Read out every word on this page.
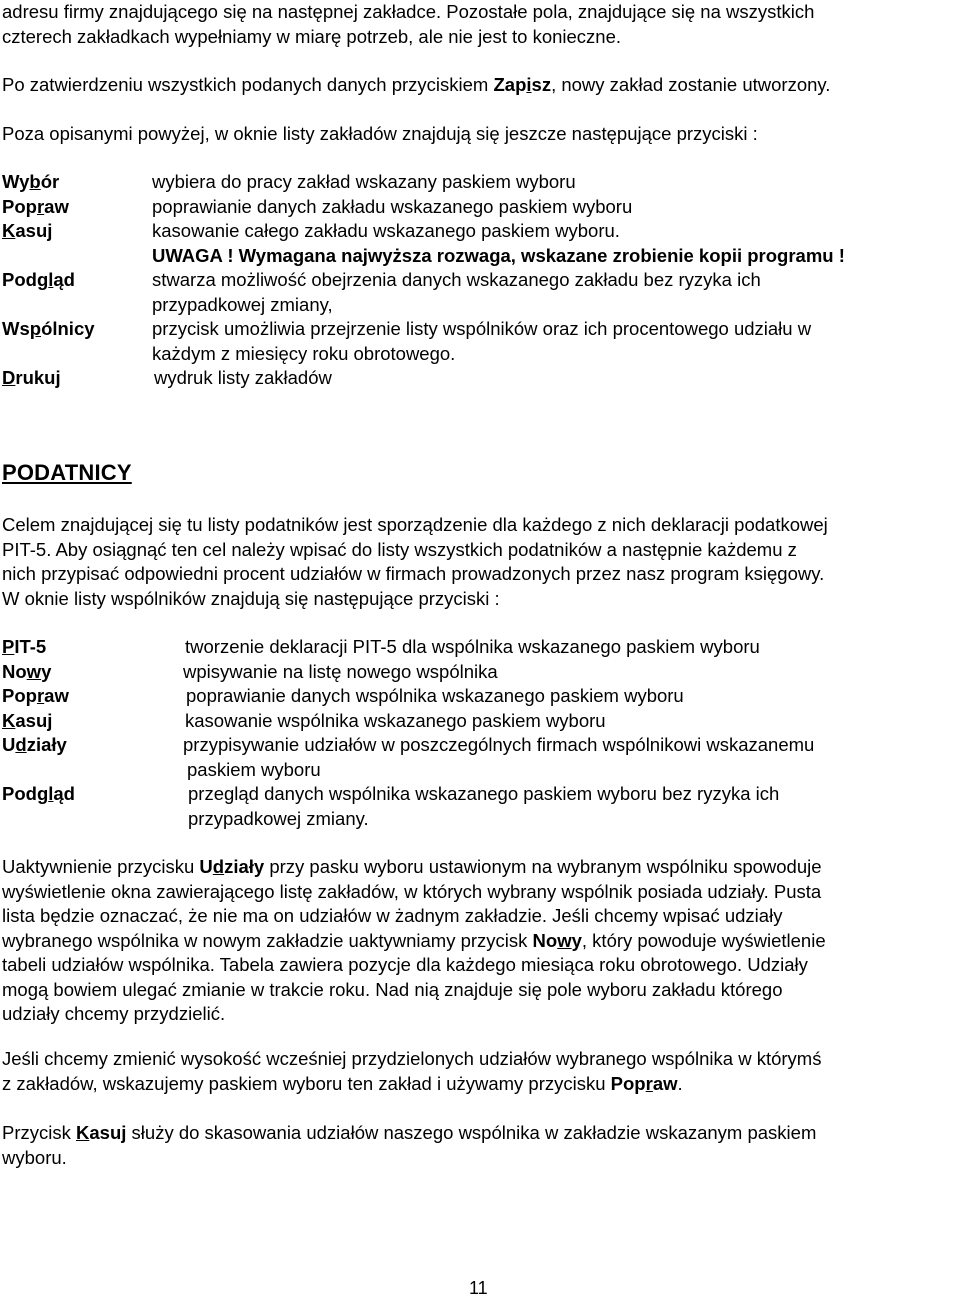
adresu firmy znajdującego się na następnej zakładce. Pozostałe pola, znajdujące się na wszystkich
czterech zakładkach wypełniamy w miarę potrzeb, ale nie jest to konieczne.
Po zatwierdzeniu wszystkich podanych danych przyciskiem Zapisz, nowy zakład zostanie utworzony.
Poza opisanymi powyżej, w oknie listy zakładów znajdują się jeszcze następujące przyciski :
Wybór	wybiera do pracy zakład wskazany paskiem wyboru
Popraw	poprawianie danych zakładu wskazanego paskiem wyboru
Kasuj	kasowanie całego zakładu wskazanego paskiem wyboru.
UWAGA ! Wymagana najwyższa rozwaga, wskazane zrobienie kopii programu !
Podgląd	stwarza możliwość obejrzenia danych wskazanego zakładu bez ryzyka ich
przypadkowej zmiany,
Wspólnicy	przycisk umożliwia przejrzenie listy wspólników oraz ich procentowego udziału w
każdym z miesięcy roku obrotowego.
Drukuj	wydruk listy zakładów
PODATNICY
Celem znajdującej się tu listy podatników jest sporządzenie dla każdego z nich deklaracji podatkowej
PIT-5. Aby osiągnąć ten cel należy wpisać do listy wszystkich podatników a następnie każdemu z
nich przypisać odpowiedni procent udziałów w firmach prowadzonych przez nasz program księgowy.
W oknie listy wspólników znajdują się następujące przyciski :
PIT-5	tworzenie deklaracji PIT-5 dla wspólnika wskazanego paskiem wyboru
Nowy	wpisywanie na listę nowego wspólnika
Popraw	poprawianie danych wspólnika wskazanego paskiem wyboru
Kasuj	kasowanie wspólnika wskazanego paskiem wyboru
Udziały	przypisywanie udziałów w poszczególnych firmach wspólnikowi wskazanemu
paskiem wyboru
Podgląd	przegląd danych wspólnika wskazanego paskiem wyboru bez ryzyka ich
przypadkowej zmiany.
Uaktywnienie przycisku Udziały przy pasku wyboru ustawionym na wybranym wspólniku spowoduje
wyświetlenie okna zawierającego listę zakładów, w których wybrany wspólnik posiada udziały. Pusta
lista będzie oznaczać, że nie ma on udziałów w żadnym zakładzie. Jeśli chcemy wpisać udziały
wybranego wspólnika w nowym zakładzie uaktywniamy przycisk Nowy, który powoduje wyświetlenie
tabeli udziałów wspólnika. Tabela zawiera pozycje dla każdego miesiąca roku obrotowego. Udziały
mogą bowiem ulegać zmianie w trakcie roku. Nad nią znajduje się pole wyboru zakładu którego
udziały chcemy przydzielić.
Jeśli chcemy zmienić wysokość wcześniej przydzielonych udziałów wybranego wspólnika w którymś
z zakładów, wskazujemy paskiem wyboru ten zakład i używamy przycisku Popraw.
Przycisk Kasuj służy do skasowania udziałów naszego wspólnika w zakładzie wskazanym paskiem
wyboru.
11
